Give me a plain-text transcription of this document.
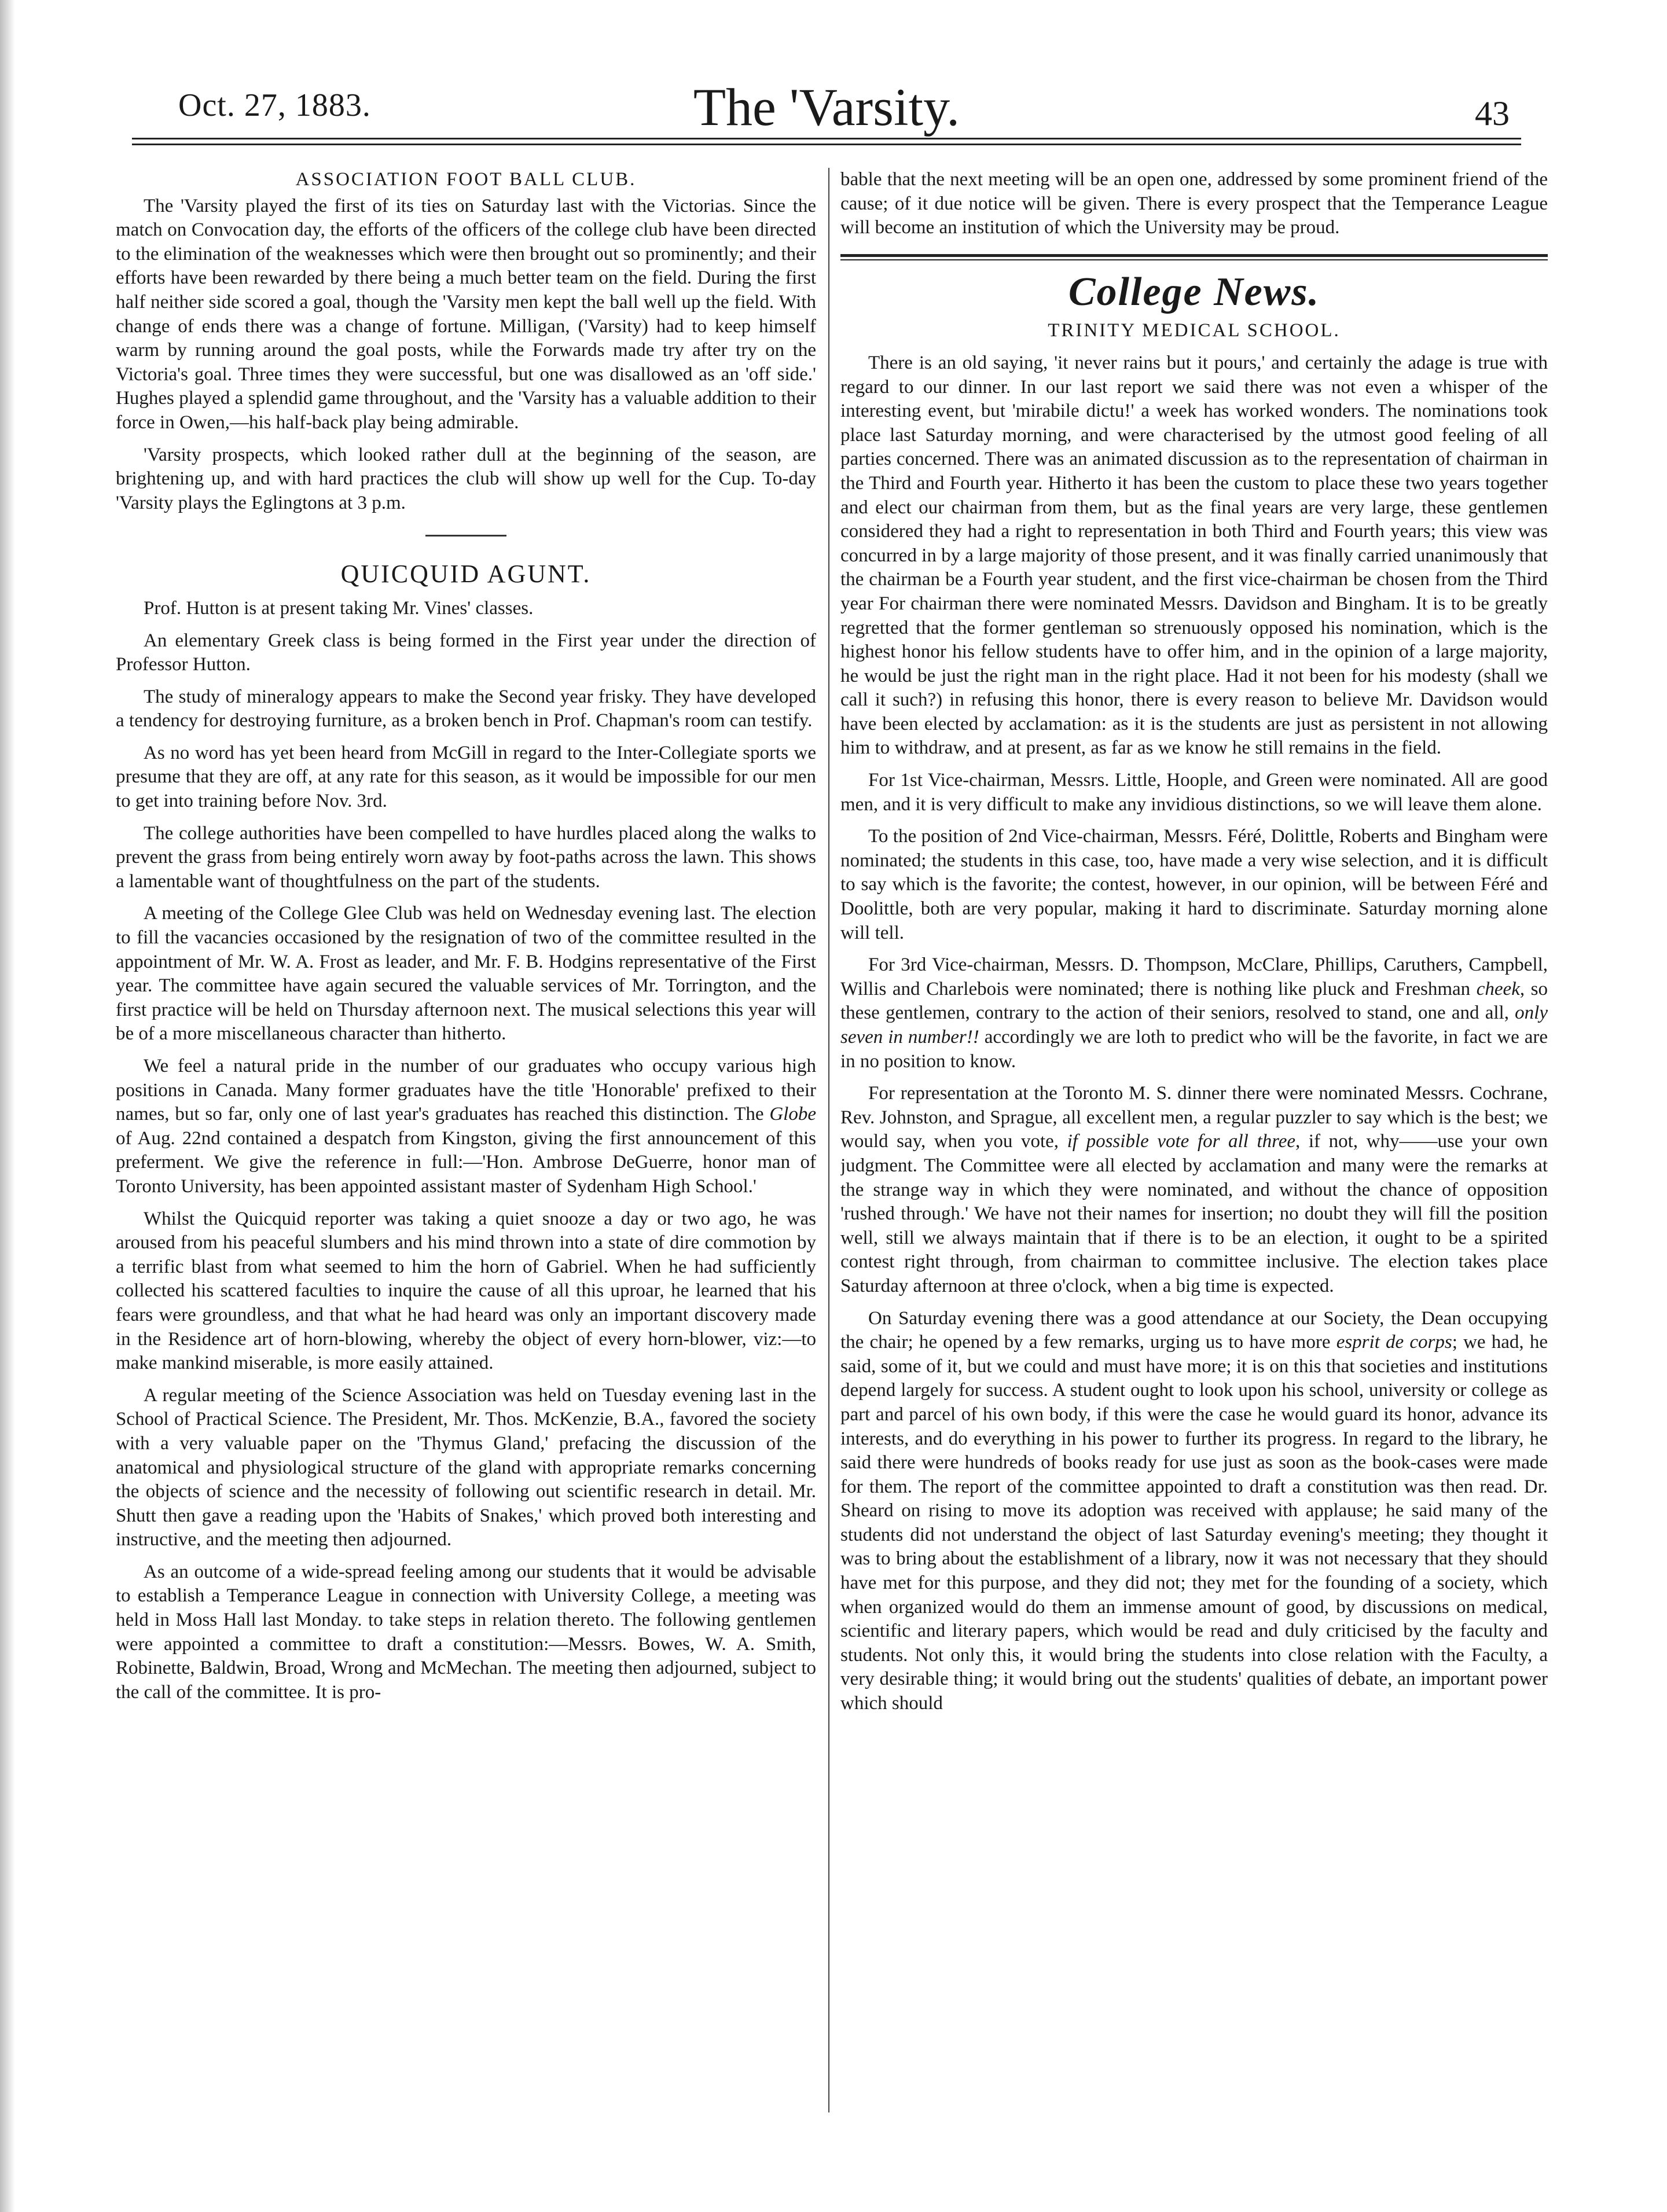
Oct. 27, 1883.	The 'Varsity.	43
ASSOCIATION FOOT BALL CLUB.

The 'Varsity played the first of its ties on Saturday last with the Victorias. Since the match on Convocation day, the efforts of the officers of the college club have been directed to the elimination of the weaknesses which were then brought out so prominently; and their efforts have been rewarded by there being a much better team on the field. During the first half neither side scored a goal, though the 'Varsity men kept the ball well up the field. With change of ends there was a change of fortune. Milligan, ('Varsity) had to keep himself warm by running around the goal posts, while the Forwards made try after try on the Victoria's goal. Three times they were successful, but one was disallowed as an 'off side.' Hughes played a splendid game throughout, and the 'Varsity has a valuable addition to their force in Owen,—his half-back play being admirable.

'Varsity prospects, which looked rather dull at the beginning of the season, are brightening up, and with hard practices the club will show up well for the Cup. To-day 'Varsity plays the Eglingtons at 3 p.m.

QUICQUID AGUNT.

Prof. Hutton is at present taking Mr. Vines' classes.

An elementary Greek class is being formed in the First year under the direction of Professor Hutton.

The study of mineralogy appears to make the Second year frisky. They have developed a tendency for destroying furniture, as a broken bench in Prof. Chapman's room can testify.

As no word has yet been heard from McGill in regard to the Inter-Collegiate sports we presume that they are off, at any rate for this season, as it would be impossible for our men to get into training before Nov. 3rd.

The college authorities have been compelled to have hurdles placed along the walks to prevent the grass from being entirely worn away by foot-paths across the lawn. This shows a lamentable want of thoughtfulness on the part of the students.

A meeting of the College Glee Club was held on Wednesday evening last. The election to fill the vacancies occasioned by the resignation of two of the committee resulted in the appointment of Mr. W. A. Frost as leader, and Mr. F. B. Hodgins representative of the First year. The committee have again secured the valuable services of Mr. Torrington, and the first practice will be held on Thursday afternoon next. The musical selections this year will be of a more miscellaneous character than hitherto.

We feel a natural pride in the number of our graduates who occupy various high positions in Canada. Many former graduates have the title 'Honorable' prefixed to their names, but so far, only one of last year's graduates has reached this distinction. The Globe of Aug. 22nd contained a despatch from Kingston, giving the first announcement of this preferment. We give the reference in full:—'Hon. Ambrose DeGuerre, honor man of Toronto University, has been appointed assistant master of Sydenham High School.'

Whilst the Quicquid reporter was taking a quiet snooze a day or two ago, he was aroused from his peaceful slumbers and his mind thrown into a state of dire commotion by a terrific blast from what seemed to him the horn of Gabriel. When he had sufficiently collected his scattered faculties to inquire the cause of all this uproar, he learned that his fears were groundless, and that what he had heard was only an important discovery made in the Residence art of horn-blowing, whereby the object of every horn-blower, viz:—to make mankind miserable, is more easily attained.

A regular meeting of the Science Association was held on Tuesday evening last in the School of Practical Science. The President, Mr. Thos. McKenzie, B.A., favored the society with a very valuable paper on the 'Thymus Gland,' prefacing the discussion of the anatomical and physiological structure of the gland with appropriate remarks concerning the objects of science and the necessity of following out scientific research in detail. Mr. Shutt then gave a reading upon the 'Habits of Snakes,' which proved both interesting and instructive, and the meeting then adjourned.

As an outcome of a wide-spread feeling among our students that it would be advisable to establish a Temperance League in connection with University College, a meeting was held in Moss Hall last Monday. to take steps in relation thereto. The following gentlemen were appointed a committee to draft a constitution:—Messrs. Bowes, W. A. Smith, Robinette, Baldwin, Broad, Wrong and McMechan. The meeting then adjourned, subject to the call of the committee. It is pro-

bable that the next meeting will be an open one, addressed by some prominent friend of the cause; of it due notice will be given. There is every prospect that the Temperance League will become an institution of which the University may be proud.

College News.
TRINITY MEDICAL SCHOOL.

There is an old saying, 'it never rains but it pours,' and certainly the adage is true with regard to our dinner. In our last report we said there was not even a whisper of the interesting event, but 'mirabile dictu!' a week has worked wonders. The nominations took place last Saturday morning, and were characterised by the utmost good feeling of all parties concerned. There was an animated discussion as to the representation of chairman in the Third and Fourth year. Hitherto it has been the custom to place these two years together and elect our chairman from them, but as the final years are very large, these gentlemen considered they had a right to representation in both Third and Fourth years; this view was concurred in by a large majority of those present, and it was finally carried unanimously that the chairman be a Fourth year student, and the first vice-chairman be chosen from the Third year For chairman there were nominated Messrs. Davidson and Bingham. It is to be greatly regretted that the former gentleman so strenuously opposed his nomination, which is the highest honor his fellow students have to offer him, and in the opinion of a large majority, he would be just the right man in the right place. Had it not been for his modesty (shall we call it such?) in refusing this honor, there is every reason to believe Mr. Davidson would have been elected by acclamation: as it is the students are just as persistent in not allowing him to withdraw, and at present, as far as we know he still remains in the field.

For 1st Vice-chairman, Messrs. Little, Hoople, and Green were nominated. All are good men, and it is very difficult to make any invidious distinctions, so we will leave them alone.

To the position of 2nd Vice-chairman, Messrs. Féré, Dolittle, Roberts and Bingham were nominated; the students in this case, too, have made a very wise selection, and it is difficult to say which is the favorite; the contest, however, in our opinion, will be between Féré and Doolittle, both are very popular, making it hard to discriminate. Saturday morning alone will tell.

For 3rd Vice-chairman, Messrs. D. Thompson, McClare, Phillips, Caruthers, Campbell, Willis and Charlebois were nominated; there is nothing like pluck and Freshman cheek, so these gentlemen, contrary to the action of their seniors, resolved to stand, one and all, only seven in number!! accordingly we are loth to predict who will be the favorite, in fact we are in no position to know.

For representation at the Toronto M. S. dinner there were nominated Messrs. Cochrane, Rev. Johnston, and Sprague, all excellent men, a regular puzzler to say which is the best; we would say, when you vote, if possible vote for all three, if not, why——use your own judgment. The Committee were all elected by acclamation and many were the remarks at the strange way in which they were nominated, and without the chance of opposition 'rushed through.' We have not their names for insertion; no doubt they will fill the position well, still we always maintain that if there is to be an election, it ought to be a spirited contest right through, from chairman to committee inclusive. The election takes place Saturday afternoon at three o'clock, when a big time is expected.

On Saturday evening there was a good attendance at our Society, the Dean occupying the chair; he opened by a few remarks, urging us to have more esprit de corps; we had, he said, some of it, but we could and must have more; it is on this that societies and institutions depend largely for success. A student ought to look upon his school, university or college as part and parcel of his own body, if this were the case he would guard its honor, advance its interests, and do everything in his power to further its progress. In regard to the library, he said there were hundreds of books ready for use just as soon as the book-cases were made for them. The report of the committee appointed to draft a constitution was then read. Dr. Sheard on rising to move its adoption was received with applause; he said many of the students did not understand the object of last Saturday evening's meeting; they thought it was to bring about the establishment of a library, now it was not necessary that they should have met for this purpose, and they did not; they met for the founding of a society, which when organized would do them an immense amount of good, by discussions on medical, scientific and literary papers, which would be read and duly criticised by the faculty and students. Not only this, it would bring the students into close relation with the Faculty, a very desirable thing; it would bring out the students' qualities of debate, an important power which should
